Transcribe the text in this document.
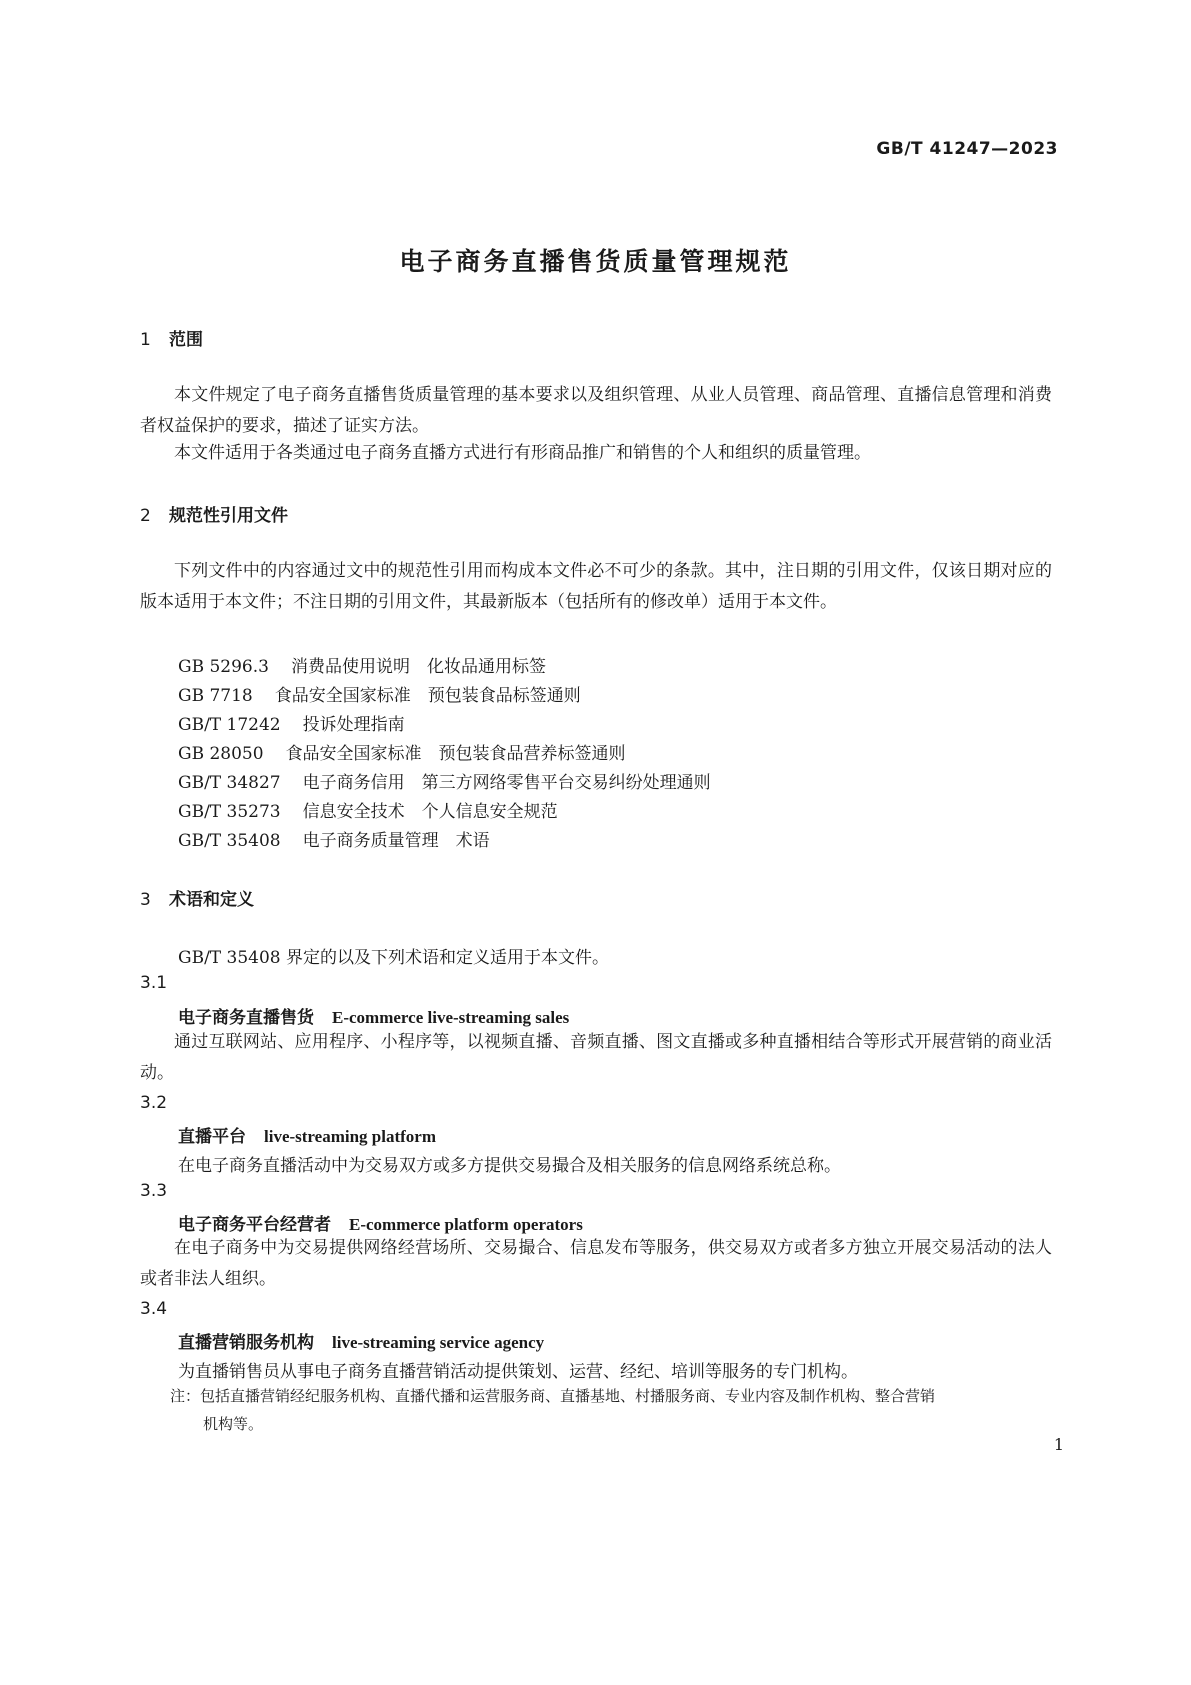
GB/T 41247—2023
电子商务直播售货质量管理规范
1 范围
本文件规定了电子商务直播售货质量管理的基本要求以及组织管理、从业人员管理、商品管理、直播信息管理和消费者权益保护的要求，描述了证实方法。
本文件适用于各类通过电子商务直播方式进行有形商品推广和销售的个人和组织的质量管理。
2 规范性引用文件
下列文件中的内容通过文中的规范性引用而构成本文件必不可少的条款。其中，注日期的引用文件，仅该日期对应的版本适用于本文件；不注日期的引用文件，其最新版本（包括所有的修改单）适用于本文件。
GB 5296.3 消费品使用说明　化妆品通用标签
GB 7718 食品安全国家标准　预包装食品标签通则
GB/T 17242 投诉处理指南
GB 28050 食品安全国家标准　预包装食品营养标签通则
GB/T 34827 电子商务信用　第三方网络零售平台交易纠纷处理通则
GB/T 35273 信息安全技术　个人信息安全规范
GB/T 35408 电子商务质量管理　术语
3 术语和定义
GB/T 35408 界定的以及下列术语和定义适用于本文件。
3.1
电子商务直播售货 E-commerce live-streaming sales
通过互联网站、应用程序、小程序等，以视频直播、音频直播、图文直播或多种直播相结合等形式开展营销的商业活动。
3.2
直播平台 live-streaming platform
在电子商务直播活动中为交易双方或多方提供交易撮合及相关服务的信息网络系统总称。
3.3
电子商务平台经营者 E-commerce platform operators
在电子商务中为交易提供网络经营场所、交易撮合、信息发布等服务，供交易双方或者多方独立开展交易活动的法人或者非法人组织。
3.4
直播营销服务机构 live-streaming service agency
为直播销售员从事电子商务直播营销活动提供策划、运营、经纪、培训等服务的专门机构。
注：包括直播营销经纪服务机构、直播代播和运营服务商、直播基地、村播服务商、专业内容及制作机构、整合营销
机构等。
1
